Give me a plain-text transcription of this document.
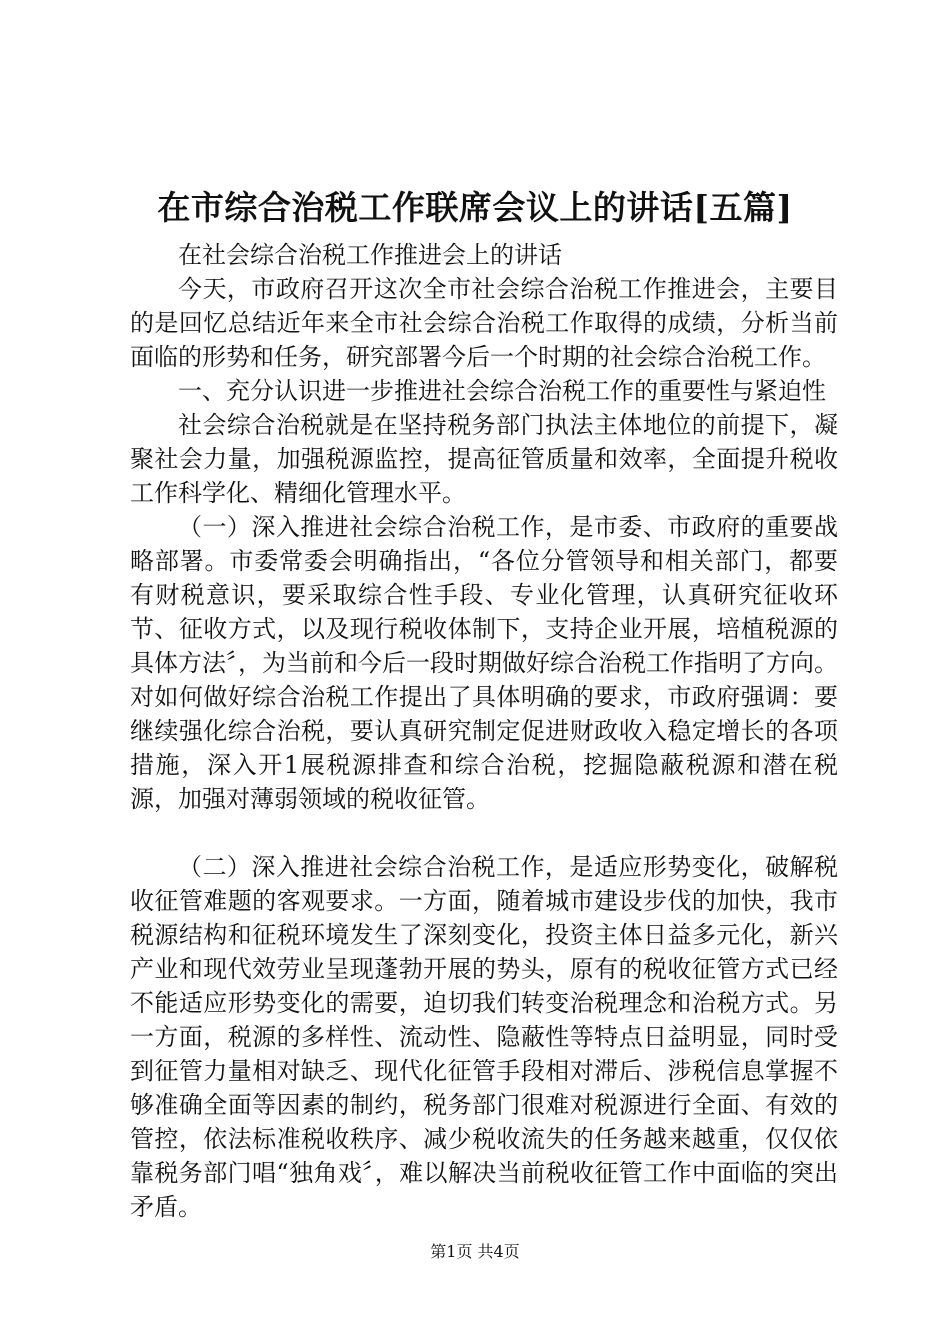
在市综合治税工作联席会议上的讲话[五篇]

在社会综合治税工作推进会上的讲话

今天，市政府召开这次全市社会综合治税工作推进会，主要目的是回忆总结近年来全市社会综合治税工作取得的成绩，分析当前面临的形势和任务，研究部署今后一个时期的社会综合治税工作。

一、充分认识进一步推进社会综合治税工作的重要性与紧迫性

社会综合治税就是在坚持税务部门执法主体地位的前提下，凝聚社会力量，加强税源监控，提高征管质量和效率，全面提升税收工作科学化、精细化管理水平。

（一）深入推进社会综合治税工作，是市委、市政府的重要战略部署。市委常委会明确指出，“各位分管领导和相关部门，都要有财税意识，要采取综合性手段、专业化管理，认真研究征收环节、征收方式，以及现行税收体制下，支持企业开展，培植税源的具体方法〞，为当前和今后一段时期做好综合治税工作指明了方向。对如何做好综合治税工作提出了具体明确的要求，市政府强调：要继续强化综合治税，要认真研究制定促进财政收入稳定增长的各项措施，深入开1展税源排查和综合治税，挖掘隐蔽税源和潜在税源，加强对薄弱领域的税收征管。

（二）深入推进社会综合治税工作，是适应形势变化，破解税收征管难题的客观要求。一方面，随着城市建设步伐的加快，我市税源结构和征税环境发生了深刻变化，投资主体日益多元化，新兴产业和现代效劳业呈现蓬勃开展的势头，原有的税收征管方式已经不能适应形势变化的需要，迫切我们转变治税理念和治税方式。另一方面，税源的多样性、流动性、隐蔽性等特点日益明显，同时受到征管力量相对缺乏、现代化征管手段相对滞后、涉税信息掌握不够准确全面等因素的制约，税务部门很难对税源进行全面、有效的管控，依法标准税收秩序、减少税收流失的任务越来越重，仅仅依靠税务部门唱“独角戏〞，难以解决当前税收征管工作中面临的突出矛盾。

第1页 共4页
